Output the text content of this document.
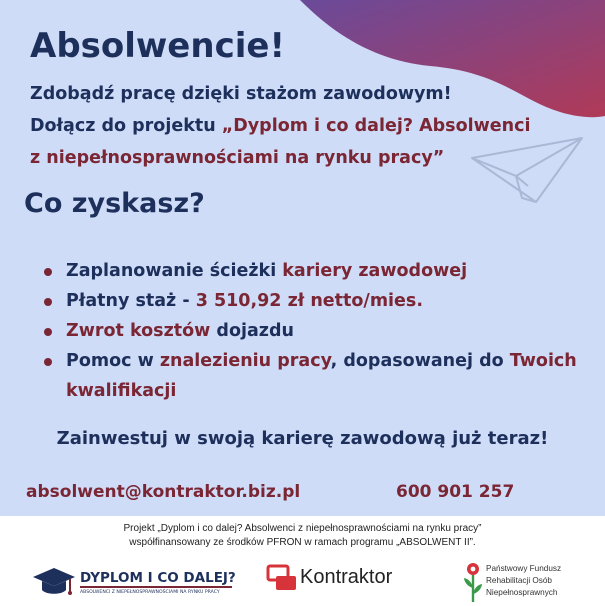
Absolwencie!
Zdobądź pracę dzięki stażom zawodowym!
Dołącz do projektu „Dyplom i co dalej? Absolwenci
z niepełnosprawnościami na rynku pracy”
Co zyskasz?
Zaplanowanie ścieżki kariery zawodowej
Płatny staż - 3 510,92 zł netto/mies.
Zwrot kosztów dojazdu
Pomoc w znalezieniu pracy, dopasowanej do Twoich kwalifikacji
Zainwestuj w swoją karierę zawodową już teraz!
absolwent@kontraktor.biz.pl	600 901 257
Projekt „Dyplom i co dalej? Absolwenci z niepełnosprawnościami na rynku pracy”
współfinansowany ze środków PFRON w ramach programu „ABSOLWENT II”.
DYPLOM I CO DALEJ?
ABSOLWENCI Z NIEPEŁNOSPRAWNOŚCIAMI NA RYNKU PRACY
Kontraktor	Państwowy Fundusz
Rehabilitacji Osób
Niepełnosprawnych
